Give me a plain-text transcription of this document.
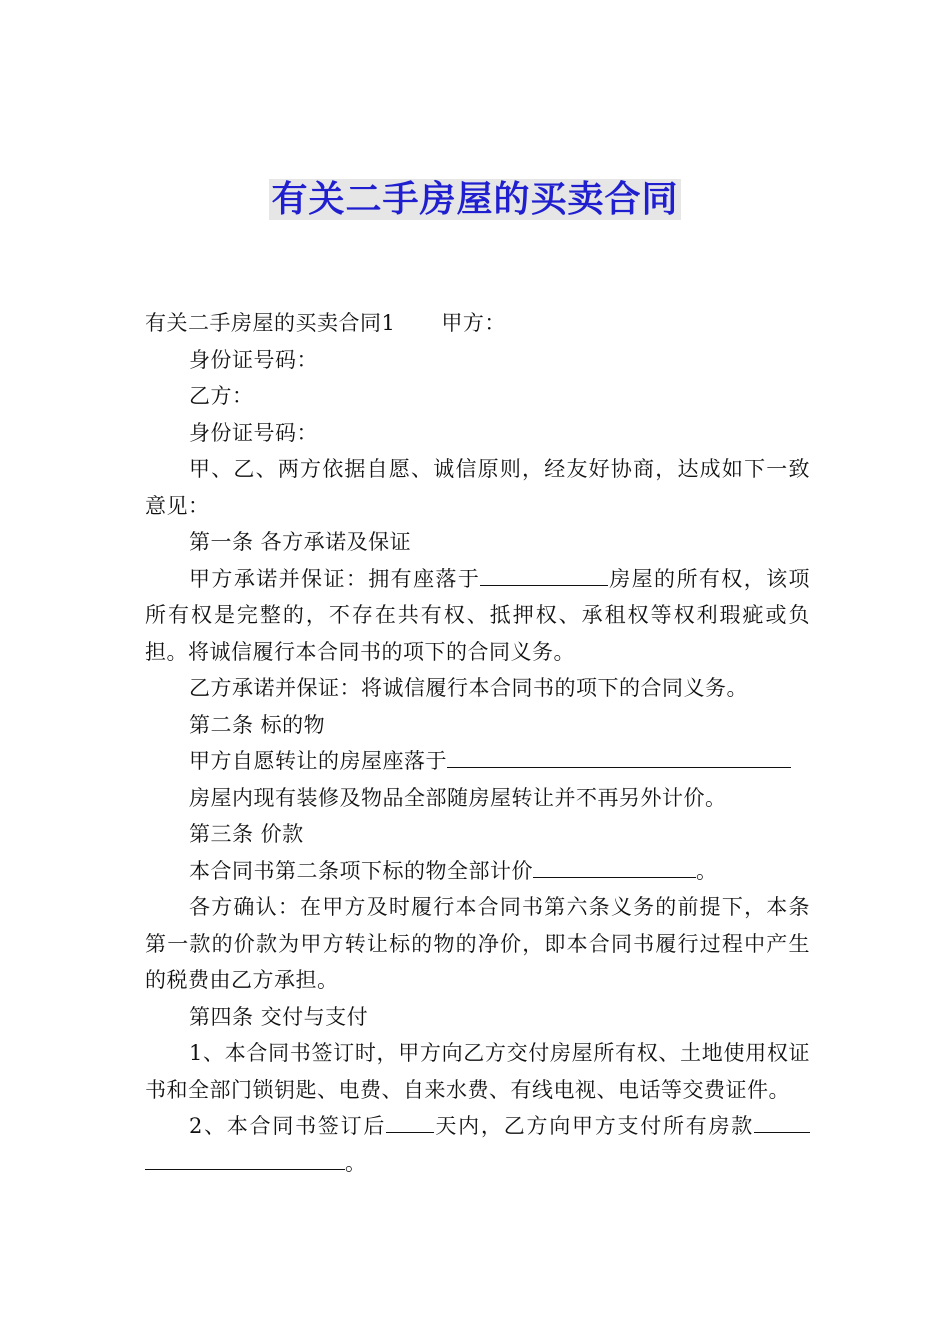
有关二手房屋的买卖合同

有关二手房屋的买卖合同1 甲方：

身份证号码：

乙方：

身份证号码：

甲、乙、两方依据自愿、诚信原则，经友好协商，达成如下一致意见：

第一条 各方承诺及保证

甲方承诺并保证：拥有座落于	房屋的所有权，该项所有权是完整的，不存在共有权、抵押权、承租权等权利瑕疵或负担。将诚信履行本合同书的项下的合同义务。

乙方承诺并保证：将诚信履行本合同书的项下的合同义务。

第二条 标的物

甲方自愿转让的房屋座落于

房屋内现有装修及物品全部随房屋转让并不再另外计价。

第三条 价款

本合同书第二条项下标的物全部计价	。

各方确认：在甲方及时履行本合同书第六条义务的前提下，本条第一款的价款为甲方转让标的物的净价，即本合同书履行过程中产生的税费由乙方承担。

第四条 交付与支付

1、本合同书签订时，甲方向乙方交付房屋所有权、土地使用权证书和全部门锁钥匙、电费、自来水费、有线电视、电话等交费证件。

2、本合同书签订后 天内，乙方向甲方支付所有房款。
